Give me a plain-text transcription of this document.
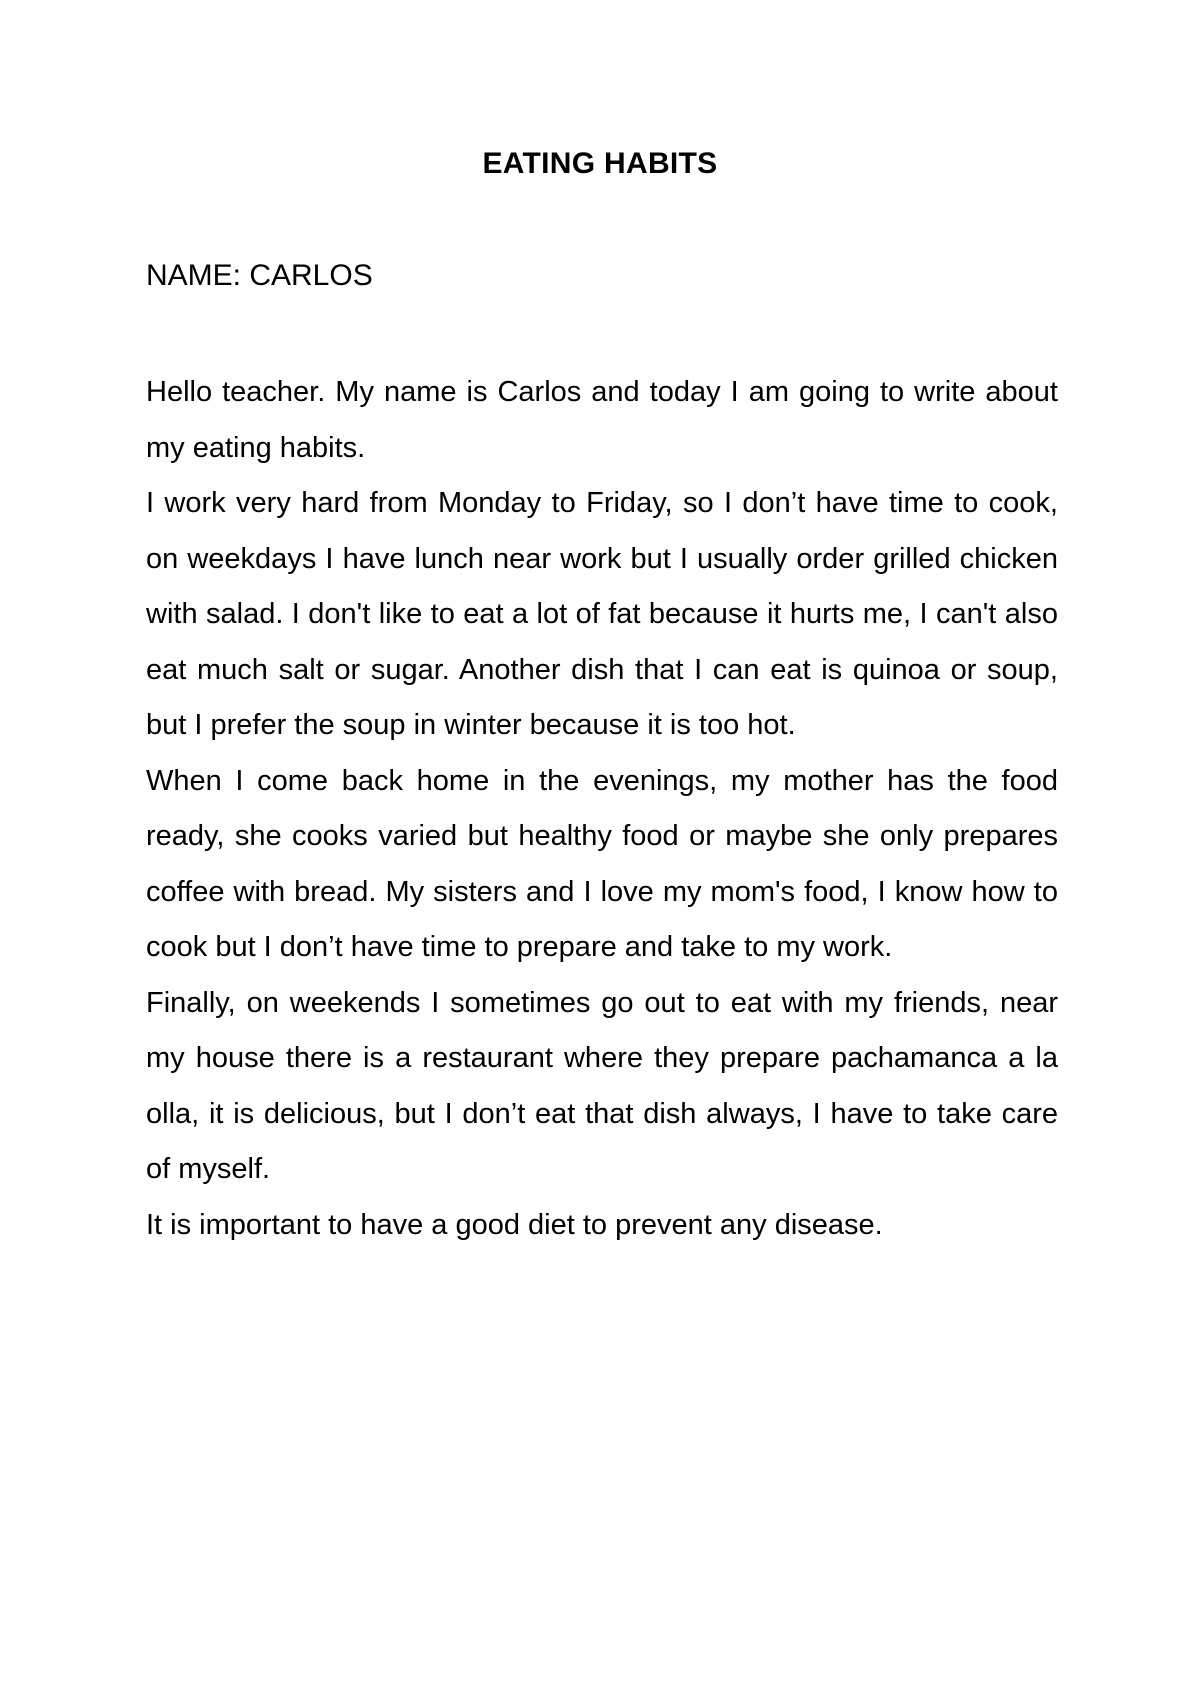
EATING HABITS

NAME: CARLOS

Hello teacher. My name is Carlos and today I am going to write about my eating habits.

I work very hard from Monday to Friday, so I don’t have time to cook, on weekdays I have lunch near work but I usually order grilled chicken with salad. I don't like to eat a lot of fat because it hurts me, I can't also eat much salt or sugar. Another dish that I can eat is quinoa or soup, but I prefer the soup in winter because it is too hot.

When I come back home in the evenings, my mother has the food ready, she cooks varied but healthy food or maybe she only prepares coffee with bread. My sisters and I love my mom's food, I know how to cook but I don’t have time to prepare and take to my work.

Finally, on weekends I sometimes go out to eat with my friends, near my house there is a restaurant where they prepare pachamanca a la olla, it is delicious, but I don’t eat that dish always, I have to take care of myself.

It is important to have a good diet to prevent any disease.
